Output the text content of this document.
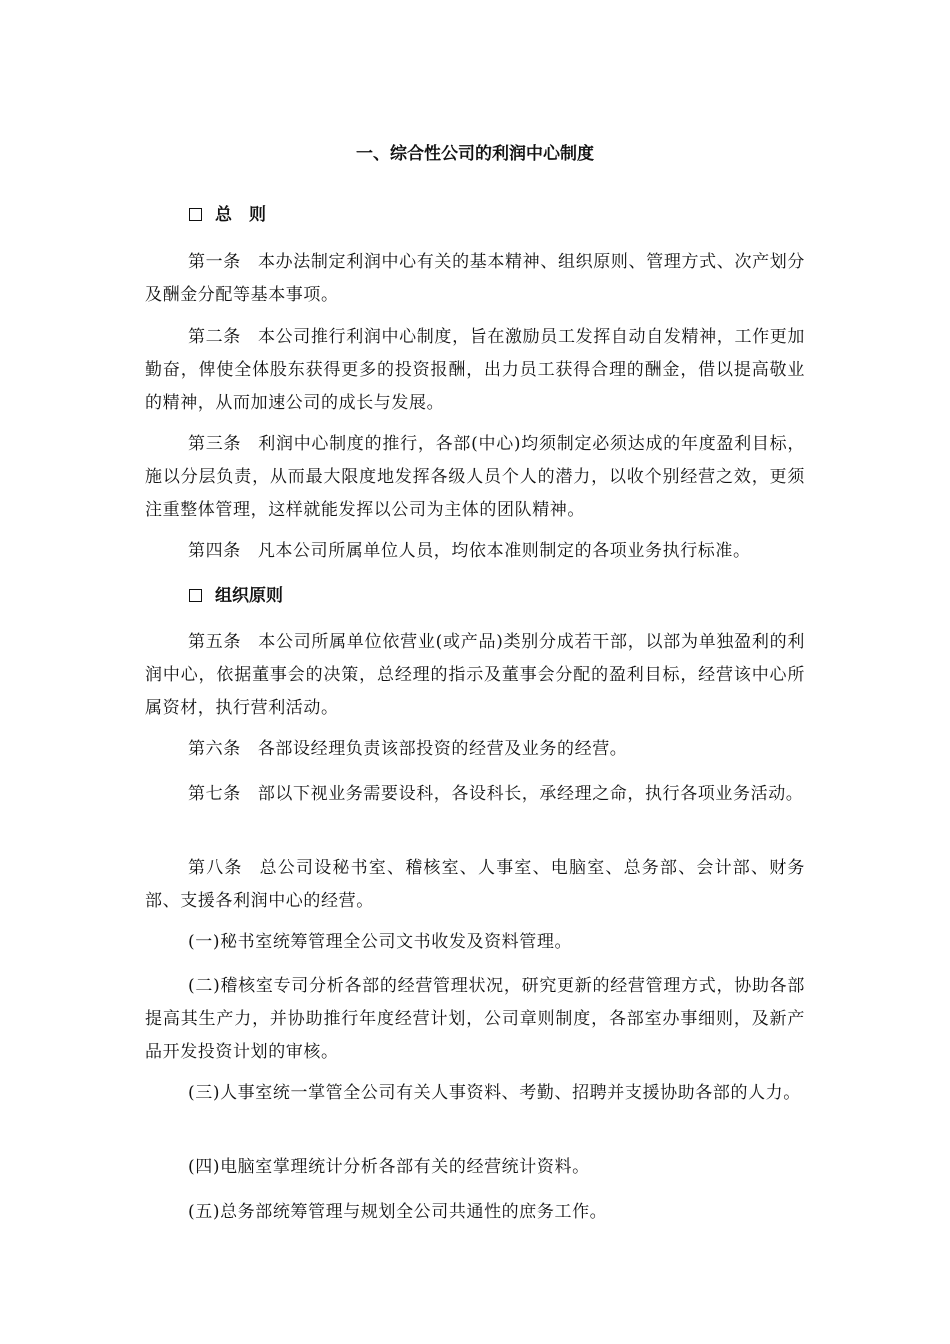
一、综合性公司的利润中心制度
总　则

第一条 本办法制定利润中心有关的基本精神、组织原则、管理方式、次产划分及酬金分配等基本事项。

第二条 本公司推行利润中心制度，旨在激励员工发挥自动自发精神，工作更加勤奋，俾使全体股东获得更多的投资报酬，出力员工获得合理的酬金，借以提高敬业的精神，从而加速公司的成长与发展。

第三条 利润中心制度的推行，各部(中心)均须制定必须达成的年度盈利目标，施以分层负责，从而最大限度地发挥各级人员个人的潜力，以收个别经营之效，更须注重整体管理，这样就能发挥以公司为主体的团队精神。

第四条 凡本公司所属单位人员，均依本准则制定的各项业务执行标准。

组织原则

第五条 本公司所属单位依营业(或产品)类别分成若干部，以部为单独盈利的利润中心，依据董事会的决策，总经理的指示及董事会分配的盈利目标，经营该中心所属资材，执行营利活动。

第六条 各部设经理负责该部投资的经营及业务的经营。

第七条 部以下视业务需要设科，各设科长，承经理之命，执行各项业务活动。

第八条 总公司设秘书室、稽核室、人事室、电脑室、总务部、会计部、财务部、支援各利润中心的经营。

(一)秘书室统筹管理全公司文书收发及资料管理。

(二)稽核室专司分析各部的经营管理状况，研究更新的经营管理方式，协助各部提高其生产力，并协助推行年度经营计划，公司章则制度，各部室办事细则，及新产品开发投资计划的审核。

(三)人事室统一掌管全公司有关人事资料、考勤、招聘并支援协助各部的人力。

(四)电脑室掌理统计分析各部有关的经营统计资料。

(五)总务部统筹管理与规划全公司共通性的庶务工作。
